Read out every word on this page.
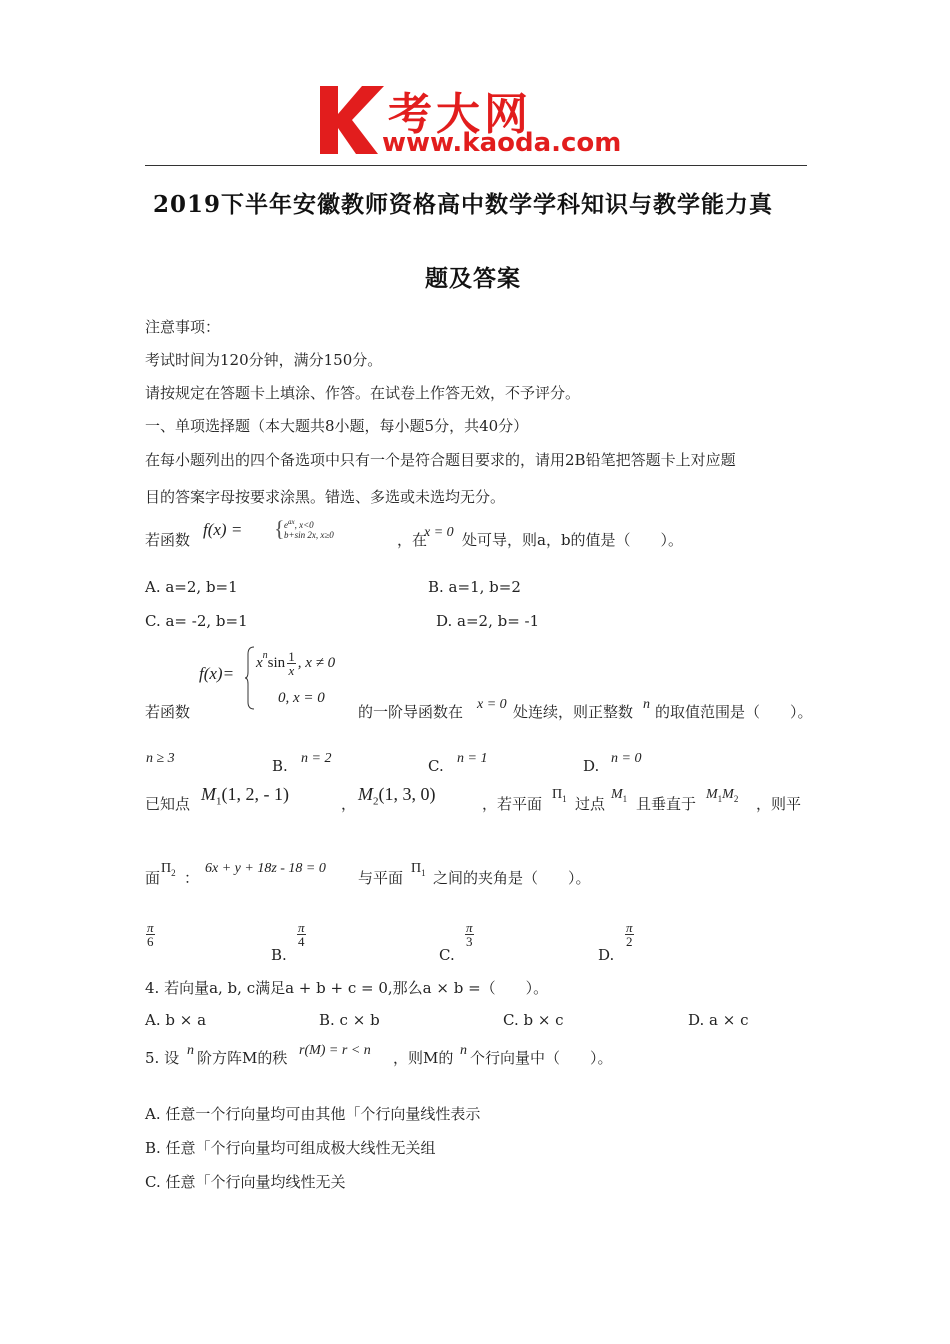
考大网
www.kaoda.com
2019下半年安徽教师资格高中数学学科知识与教学能力真
题及答案
注意事项：
考试时间为120分钟，满分150分。
请按规定在答题卡上填涂、作答。在试卷上作答无效，不予评分。
一、单项选择题（本大题共8小题，每小题5分，共40分）
在每小题列出的四个备选项中只有一个是符合题目要求的，请用2B铅笔把答题卡上对应题
目的答案字母按要求涂黑。错选、多选或未选均无分。
若函数
f(x) = { $e^{ax}$, x<0
b+sin 2x, x≥0	，在
x = 0 处可导，则a，b的值是（　　）。
A. a=2, b=1	B. a=1, b=2
C. a= -2, b=1	D. a=2, b= -1
若函数
f(x)=
$x^n$ $\sin \frac{1}{x}$ , x ≠ 0
0, x = 0
的一阶导函数在 x = 0 处连续，则正整数 n 的取值范围是（　　）。
n ≥ 3	B. n = 2	C. n = 1	D. n = 0
已知点 $M_1(1$, 2, - 1)	， $M_2(1$, 3, 0)	，若平面
$\Pi_1$ 过点
$M_1$ 且垂直于
$M_1M_2$ ，则平
面
$\Pi_2$ ：
6x + y + 18z - 18 = 0
与平面
$\Pi_1$ 之间的夹角是（　　）。
$\frac{\pi}{6}$
B.
$\frac{\pi}{4}$
C.
$\frac{\pi}{3}$
D.
$\frac{\pi}{2}$
4. 若向量a, b, c满足a + b + c = 0,那么a × b =（　　）。
A. b × a	B. c × b	C. b × c	D. a × c
5. 设 n 阶方阵M的秩 r(M) = r < n ，则M的 n 个行向量中（　　）。
A. 任意一个行向量均可由其他「个行向量线性表示
B. 任意「个行向量均可组成极大线性无关组
C. 任意「个行向量均线性无关
